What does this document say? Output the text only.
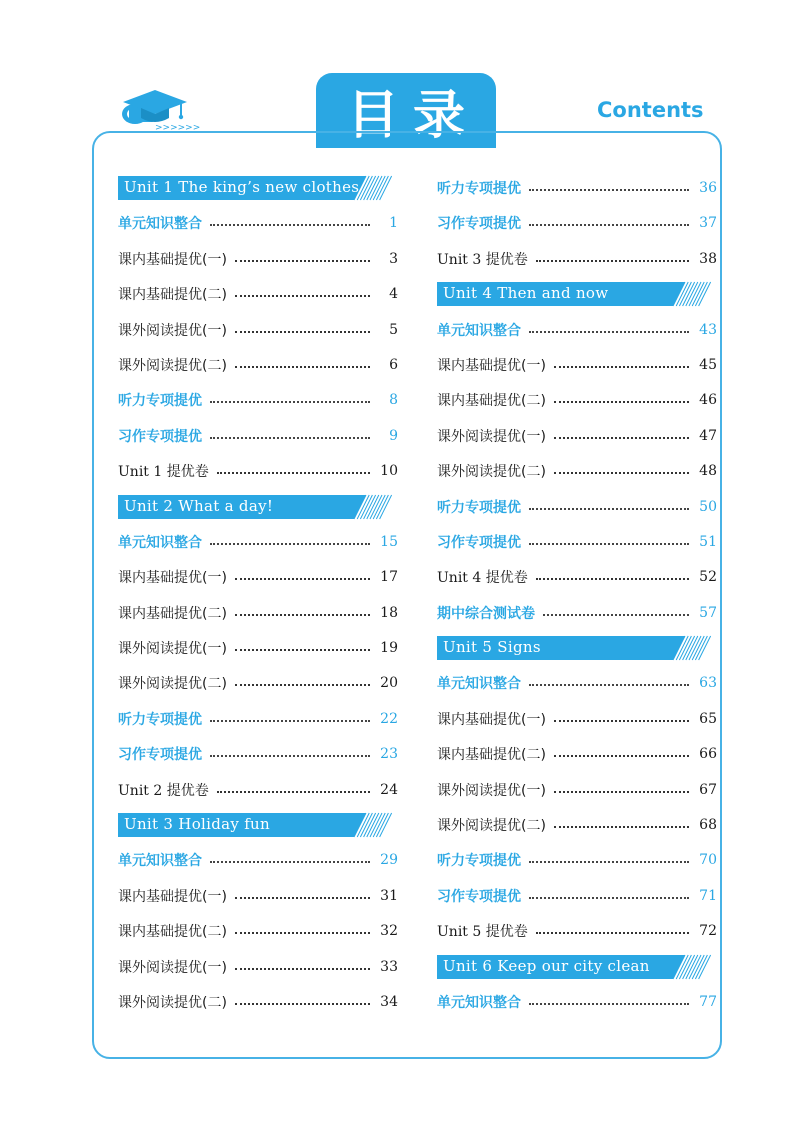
>>>>>>	目录	Contents
Unit 1 The king’s new clothes
单元知识整合	1
课内基础提优(一)	3
课内基础提优(二)	4
课外阅读提优(一)	5
课外阅读提优(二)	6
听力专项提优	8
习作专项提优	9
Unit 1 提优卷	10
Unit 2 What a day!
单元知识整合	15
课内基础提优(一)	17
课内基础提优(二)	18
课外阅读提优(一)	19
课外阅读提优(二)	20
听力专项提优	22
习作专项提优	23
Unit 2 提优卷	24
Unit 3 Holiday fun
单元知识整合	29
课内基础提优(一)	31
课内基础提优(二)	32
课外阅读提优(一)	33
课外阅读提优(二)	34
听力专项提优	36
习作专项提优	37
Unit 3 提优卷	38
Unit 4 Then and now
单元知识整合	43
课内基础提优(一)	45
课内基础提优(二)	46
课外阅读提优(一)	47
课外阅读提优(二)	48
听力专项提优	50
习作专项提优	51
Unit 4 提优卷	52
期中综合测试卷	57
Unit 5 Signs
单元知识整合	63
课内基础提优(一)	65
课内基础提优(二)	66
课外阅读提优(一)	67
课外阅读提优(二)	68
听力专项提优	70
习作专项提优	71
Unit 5 提优卷	72
Unit 6 Keep our city clean
单元知识整合	77
